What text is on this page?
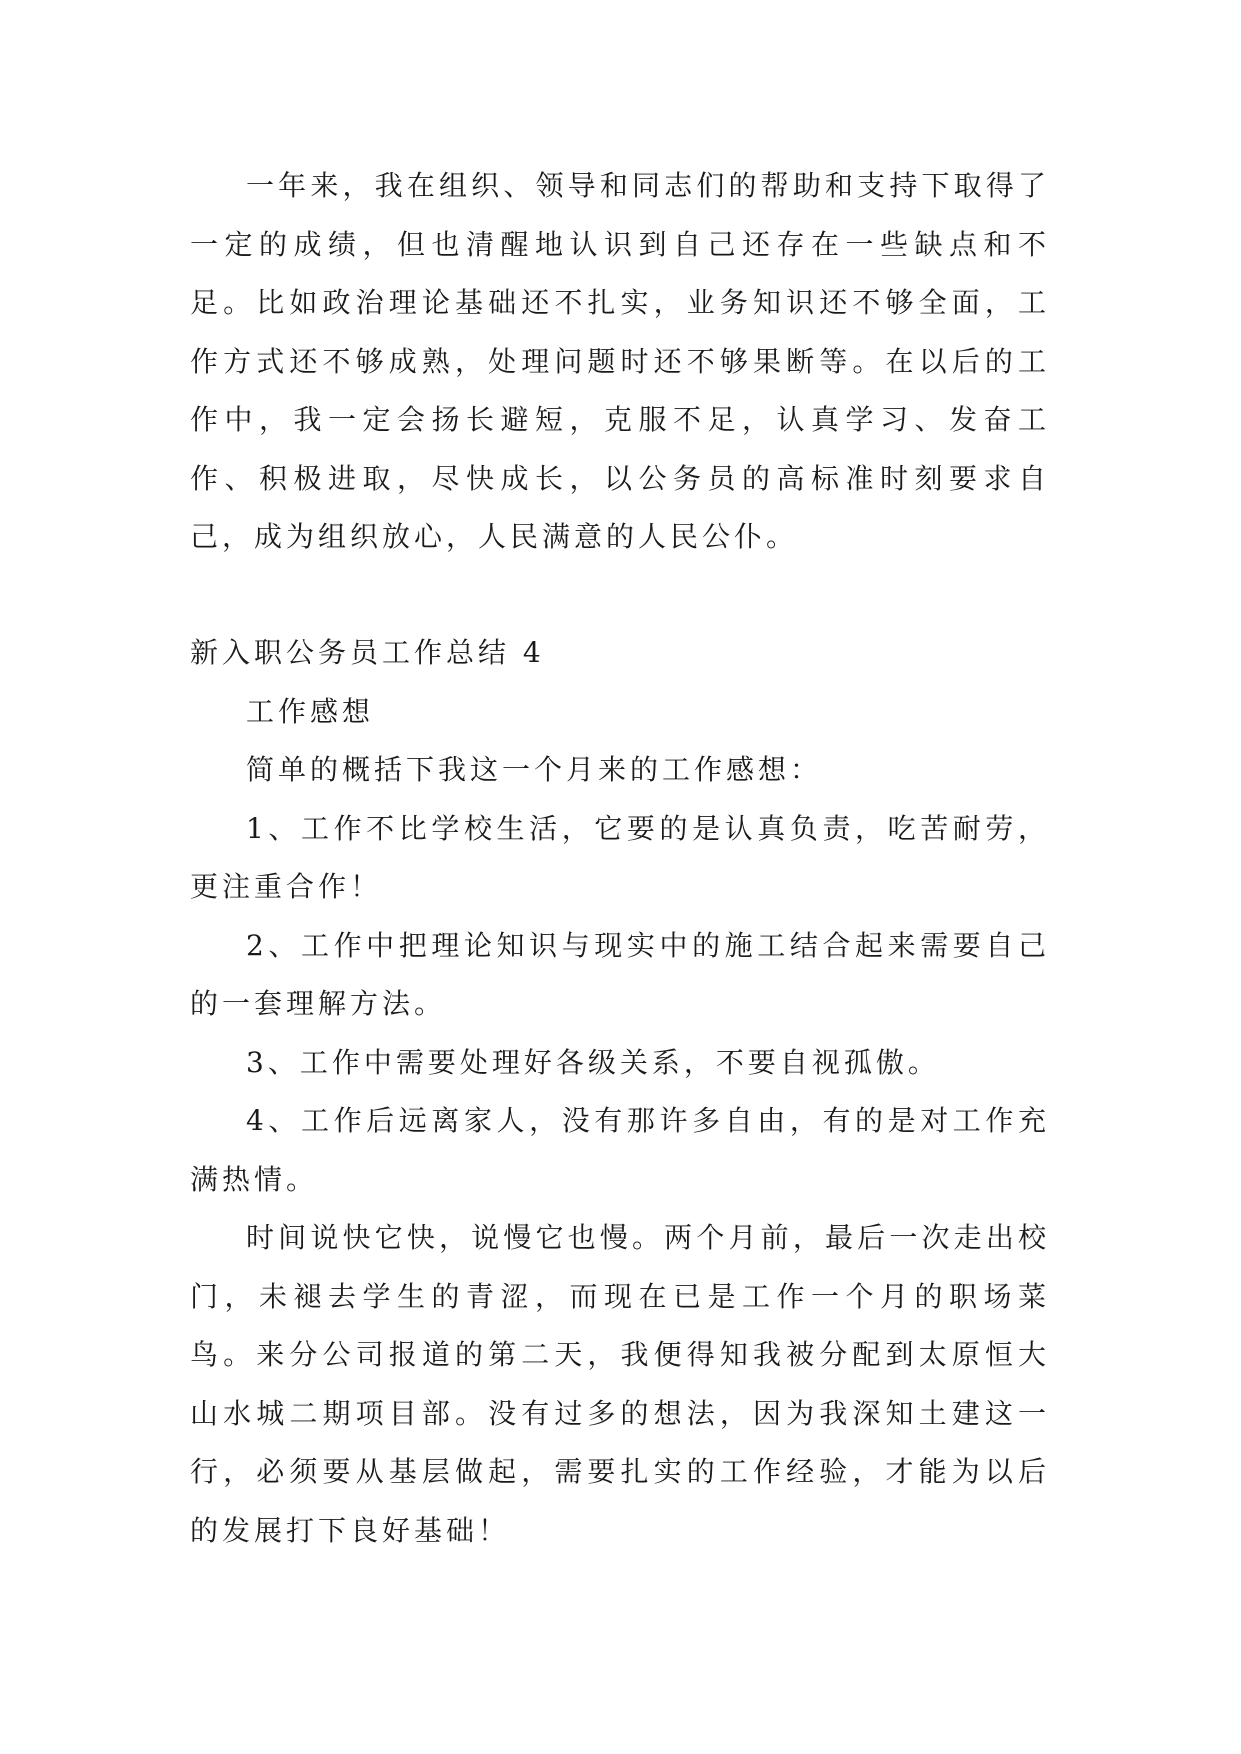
一年来，我在组织、领导和同志们的帮助和支持下取得了一定的成绩，但也清醒地认识到自己还存在一些缺点和不足。比如政治理论基础还不扎实，业务知识还不够全面，工作方式还不够成熟，处理问题时还不够果断等。在以后的工作中，我一定会扬长避短，克服不足，认真学习、发奋工作、积极进取，尽快成长，以公务员的高标准时刻要求自己，成为组织放心，人民满意的人民公仆。

新入职公务员工作总结 4

工作感想

简单的概括下我这一个月来的工作感想：

1、工作不比学校生活，它要的是认真负责，吃苦耐劳，更注重合作！

2、工作中把理论知识与现实中的施工结合起来需要自己的一套理解方法。

3、工作中需要处理好各级关系，不要自视孤傲。

4、工作后远离家人，没有那许多自由，有的是对工作充满热情。

时间说快它快，说慢它也慢。两个月前，最后一次走出校门，未褪去学生的青涩，而现在已是工作一个月的职场菜鸟。来分公司报道的第二天，我便得知我被分配到太原恒大山水城二期项目部。没有过多的想法，因为我深知土建这一行，必须要从基层做起，需要扎实的工作经验，才能为以后的发展打下良好基础！
